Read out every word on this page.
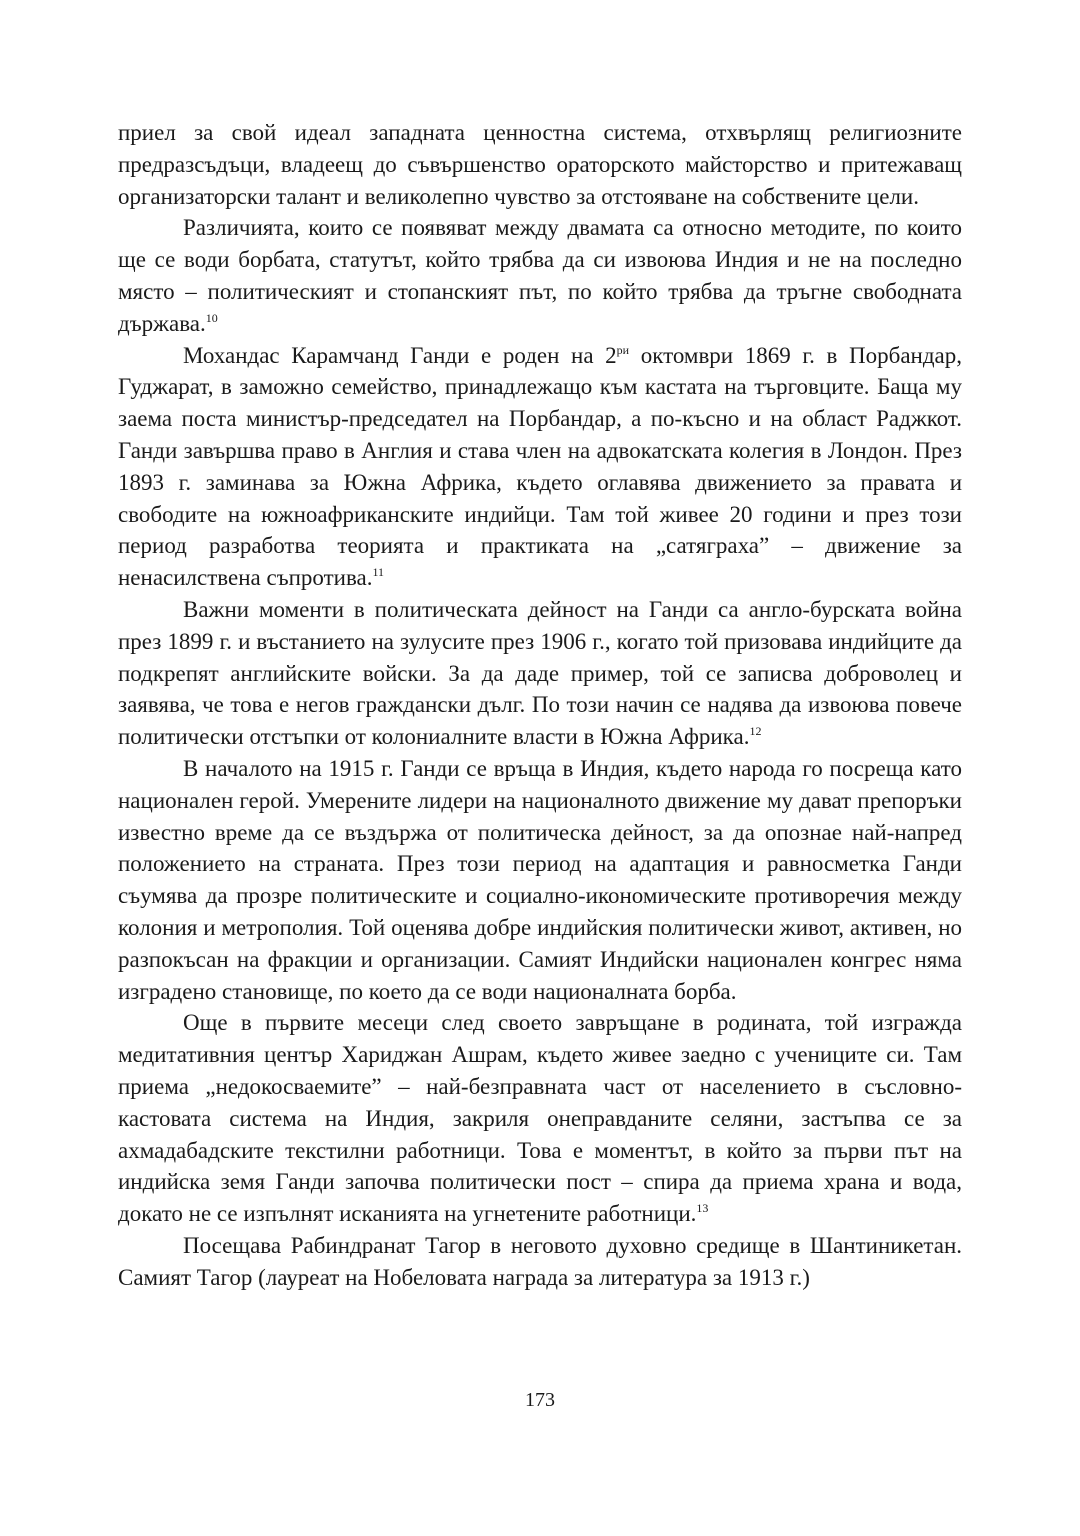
приел за свой идеал западната ценностна система, отхвърлящ религиозните предразсъдъци, владеещ до съвършенство ораторското майсторство и притежаващ организаторски талант и великолепно чувство за отстояване на собствените цели.

Различията, които се появяват между двамата са относно методите, по които ще се води борбата, статутът, който трябва да си извоюва Индия и не на последно място – политическият и стопанският път, по който трябва да тръгне свободната държава.$^{10}$

Мохандас Карамчанд Ганди е роден на $2^{ри}$ октомври 1869 г. в Порбандар, Гуджарат, в заможно семейство, принадлежащо към кастата на търговците. Баща му заема поста министър-председател на Порбандар, а по-късно и на област Раджкот. Ганди завършва право в Англия и става член на адвокатската колегия в Лондон. През 1893 г. заминава за Южна Африка, където оглавява движението за правата и свободите на южноафриканските индийци. Там той живее 20 години и през този период разработва теорията и практиката на „сатяграха” – движение за ненасилствена съпротива.$^{11}$

Важни моменти в политическата дейност на Ганди са англо-бурската война през 1899 г. и въстанието на зулусите през 1906 г., когато той призовава индийците да подкрепят английските войски. За да даде пример, той се записва доброволец и заявява, че това е негов граждански дълг. По този начин се надява да извоюва повече политически отстъпки от колониалните власти в Южна Африка.$^{12}$

В началото на 1915 г. Ганди се връща в Индия, където народа го посреща като национален герой. Умерените лидери на националното движение му дават препоръки известно време да се въздържа от политическа дейност, за да опознае най-напред положението на страната. През този период на адаптация и равносметка Ганди съумява да прозре политическите и социално-икономическите противоречия между колония и метрополия. Той оценява добре индийския политически живот, активен, но разпокъсан на фракции и организации. Самият Индийски национален конгрес няма изградено становище, по което да се води националната борба.

Още в първите месеци след своето завръщане в родината, той изгражда медитативния център Хариджан Ашрам, където живее заедно с учениците си. Там приема „недокосваемите” – най-безправната част от населението в съсловно-кастовата система на Индия, закриля онеправданите селяни, застъпва се за ахмадабадските текстилни работници. Това е моментът, в който за първи път на индийска земя Ганди започва политически пост – спира да приема храна и вода, докато не се изпълнят исканията на угнетените работници.$^{13}$

Посещава Рабиндранат Тагор в неговото духовно средище в Шантиникетан. Самият Тагор (лауреат на Нобеловата награда за литература за 1913 г.)

173
